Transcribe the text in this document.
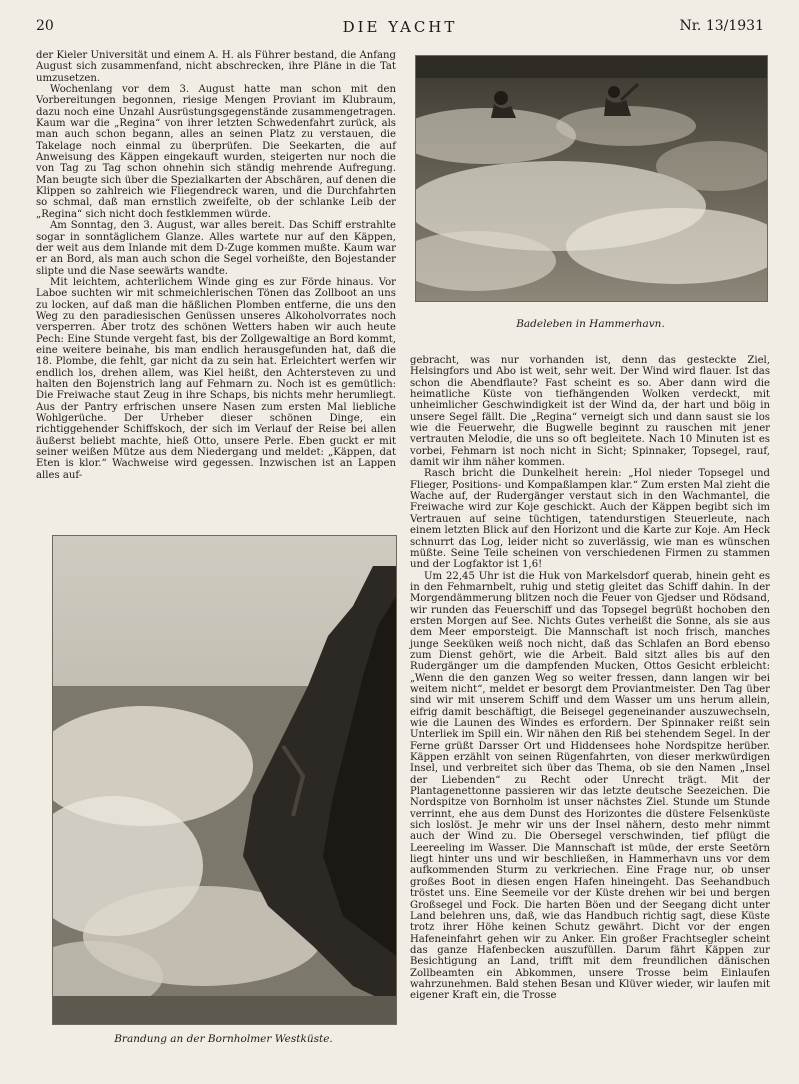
20	DIE YACHT	Nr. 13/1931

der Kieler Universität und einem A. H. als Führer bestand, die Anfang August sich zusammenfand, nicht abschrecken, ihre Pläne in die Tat umzusetzen.

Wochenlang vor dem 3. August hatte man schon mit den Vorbereitungen begonnen, riesige Mengen Proviant im Klubraum, dazu noch eine Unzahl Ausrüstungsgegenstände zusammengetragen. Kaum war die „Regina“ von ihrer letzten Schwedenfahrt zurück, als man auch schon begann, alles an seinen Platz zu verstauen, die Takelage noch einmal zu überprüfen. Die Seekarten, die auf Anweisung des Käppen eingekauft wurden, steigerten nur noch die von Tag zu Tag schon ohnehin sich ständig mehrende Aufregung. Man beugte sich über die Spezialkarten der Abschären, auf denen die Klippen so zahlreich wie Fliegendreck waren, und die Durchfahrten so schmal, daß man ernstlich zweifelte, ob der schlanke Leib der „Regina“ sich nicht doch festklemmen würde.

Am Sonntag, den 3. August, war alles bereit. Das Schiff erstrahlte sogar in sonntäglichem Glanze. Alles wartete nur auf den Käppen, der weit aus dem Inlande mit dem D-Zuge kommen mußte. Kaum war er an Bord, als man auch schon die Segel vorheißte, den Bojestander slipte und die Nase seewärts wandte.

Mit leichtem, achterlichem Winde ging es zur Förde hinaus. Vor Laboe suchten wir mit schmeichlerischen Tönen das Zollboot an uns zu locken, auf daß man die häßlichen Plomben entferne, die uns den Weg zu den paradiesischen Genüssen unseres Alkoholvorrates noch versperren. Aber trotz des schönen Wetters haben wir auch heute Pech: Eine Stunde vergeht fast, bis der Zollgewaltige an Bord kommt, eine weitere beinahe, bis man endlich herausgefunden hat, daß die 18. Plombe, die fehlt, gar nicht da zu sein hat. Erleichtert werfen wir endlich los, drehen allem, was Kiel heißt, den Achtersteven zu und halten den Bojenstrich lang auf Fehmarn zu. Noch ist es gemütlich: Die Freiwache staut Zeug in ihre Schaps, bis nichts mehr herumliegt. Aus der Pantry erfrischen unsere Nasen zum ersten Mal liebliche Wohlgerüche. Der Urheber dieser schönen Dinge, ein richtiggehender Schiffskoch, der sich im Verlauf der Reise bei allen äußerst beliebt machte, hieß Otto, unsere Perle. Eben guckt er mit seiner weißen Mütze aus dem Niedergang und meldet: „Käppen, dat Eten is klor.“ Wachweise wird gegessen. Inzwischen ist an Lappen alles auf-

Badeleben in Hammerhavn.
Brandung an der Bornholmer Westküste.

gebracht, was nur vorhanden ist, denn das gesteckte Ziel, Helsingfors und Abo ist weit, sehr weit. Der Wind wird flauer. Ist das schon die Abendflaute? Fast scheint es so. Aber dann wird die heimatliche Küste von tiefhängenden Wolken verdeckt, mit unheimlicher Geschwindigkeit ist der Wind da, der hart und böig in unsere Segel fällt. Die „Regina“ verneigt sich und dann saust sie los wie die Feuerwehr, die Bugwelle beginnt zu rauschen mit jener vertrauten Melodie, die uns so oft begleitete. Nach 10 Minuten ist es vorbei, Fehmarn ist noch nicht in Sicht; Spinnaker, Topsegel, rauf, damit wir ihm näher kommen.

Rasch bricht die Dunkelheit herein: „Hol nieder Topsegel und Flieger, Positions- und Kompaßlampen klar.“ Zum ersten Mal zieht die Wache auf, der Rudergänger verstaut sich in den Wachmantel, die Freiwache wird zur Koje geschickt. Auch der Käppen begibt sich im Vertrauen auf seine tüchtigen, tatendurstigen Steuerleute, nach einem letzten Blick auf den Horizont und die Karte zur Koje. Am Heck schnurrt das Log, leider nicht so zuverlässig, wie man es wünschen müßte. Seine Teile scheinen von verschiedenen Firmen zu stammen und der Logfaktor ist 1,6!

Um 22,45 Uhr ist die Huk von Markelsdorf querab, hinein geht es in den Fehmarnbelt, ruhig und stetig gleitet das Schiff dahin. In der Morgendämmerung blitzen noch die Feuer von Gjedser und Rödsand, wir runden das Feuerschiff und das Topsegel begrüßt hochoben den ersten Morgen auf See. Nichts Gutes verheißt die Sonne, als sie aus dem Meer emporsteigt. Die Mannschaft ist noch frisch, manches junge Seeküken weiß noch nicht, daß das Schlafen an Bord ebenso zum Dienst gehört, wie die Arbeit. Bald sitzt alles bis auf den Rudergänger um die dampfenden Mucken, Ottos Gesicht erbleicht: „Wenn die den ganzen Weg so weiter fressen, dann langen wir bei weitem nicht“, meldet er besorgt dem Proviantmeister. Den Tag über sind wir mit unserem Schiff und dem Wasser um uns herum allein, eifrig damit beschäftigt, die Beisegel gegeneinander auszuwechseln, wie die Launen des Windes es erfordern. Der Spinnaker reißt sein Unterliek im Spill ein. Wir nähen den Riß bei stehendem Segel. In der Ferne grüßt Darsser Ort und Hiddensees hohe Nordspitze herüber. Käppen erzählt von seinen Rügenfahrten, von dieser merkwürdigen Insel, und verbreitet sich über das Thema, ob sie den Namen „Insel der Liebenden“ zu Recht oder Unrecht trägt. Mit der Plantagenettonne passieren wir das letzte deutsche Seezeichen. Die Nordspitze von Bornholm ist unser nächstes Ziel. Stunde um Stunde verrinnt, ehe aus dem Dunst des Horizontes die düstere Felsenküste sich loslöst. Je mehr wir uns der Insel nähern, desto mehr nimmt auch der Wind zu. Die Obersegel verschwinden, tief pflügt die Leereeling im Wasser. Die Mannschaft ist müde, der erste Seetörn liegt hinter uns und wir beschließen, in Hammerhavn uns vor dem aufkommenden Sturm zu verkriechen. Eine Frage nur, ob unser großes Boot in diesen engen Hafen hineingeht. Das Seehandbuch tröstet uns. Eine Seemeile vor der Küste drehen wir bei und bergen Großsegel und Fock. Die harten Böen und der Seegang dicht unter Land belehren uns, daß, wie das Handbuch richtig sagt, diese Küste trotz ihrer Höhe keinen Schutz gewährt. Dicht vor der engen Hafeneinfahrt gehen wir zu Anker. Ein großer Frachtsegler scheint das ganze Hafenbecken auszufüllen. Darum fährt Käppen zur Besichtigung an Land, trifft mit dem freundlichen dänischen Zollbeamten ein Abkommen, unsere Trosse beim Einlaufen wahrzunehmen. Bald stehen Besan und Klüver wieder, wir laufen mit eigener Kraft ein, die Trosse
